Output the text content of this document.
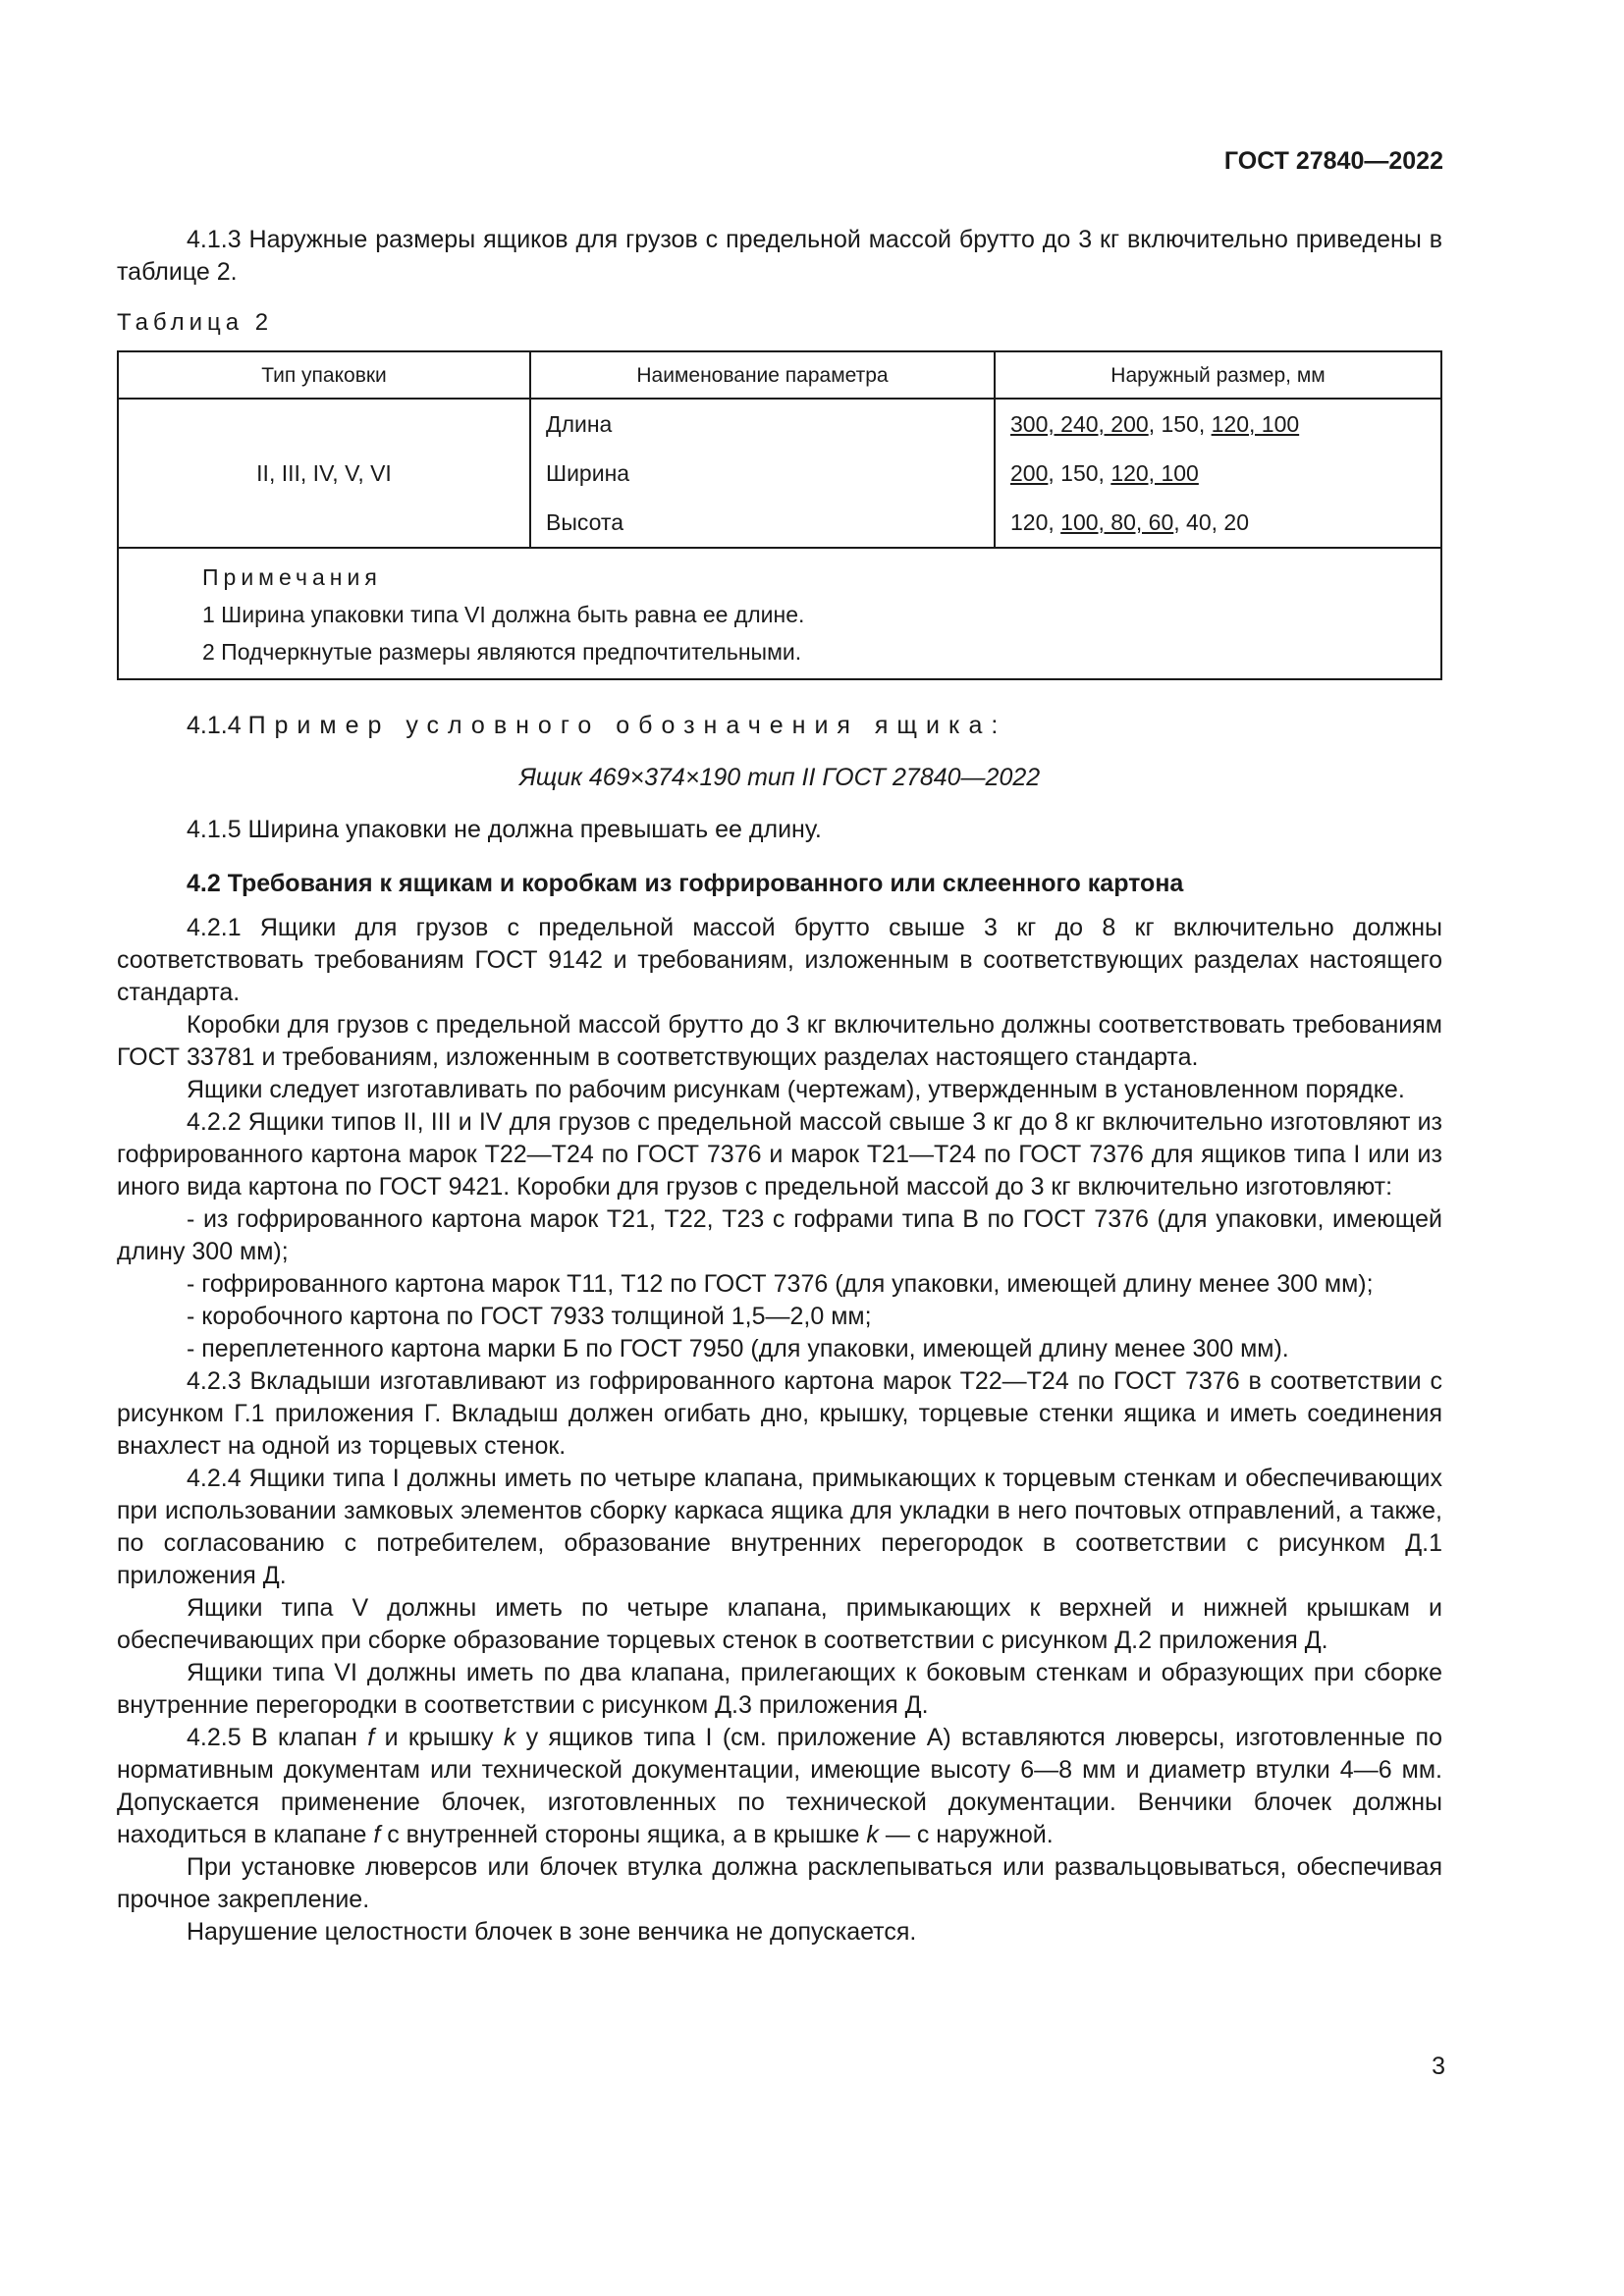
ГОСТ 27840—2022

4.1.3 Наружные размеры ящиков для грузов с предельной массой брутто до 3 кг включительно приведены в таблице 2.

Таблица 2
Тип упаковки	Наименование параметра	Наружный размер, мм
II, III, IV, V, VI	Длина	300, 240, 200, 150, 120, 100
	Ширина	200, 150, 120, 100
	Высота	120, 100, 80, 60, 40, 20

Примечания
1 Ширина упаковки типа VI должна быть равна ее длине.
2 Подчеркнутые размеры являются предпочтительными.		

4.1.4 Пример условного обозначения ящика:

Ящик 469×374×190 тип II ГОСТ 27840—2022

4.1.5 Ширина упаковки не должна превышать ее длину.

4.2 Требования к ящикам и коробкам из гофрированного или склеенного картона

4.2.1 Ящики для грузов с предельной массой брутто свыше 3 кг до 8 кг включительно должны соответствовать требованиям ГОСТ 9142 и требованиям, изложенным в соответствующих разделах настоящего стандарта.

Коробки для грузов с предельной массой брутто до 3 кг включительно должны соответствовать требованиям ГОСТ 33781 и требованиям, изложенным в соответствующих разделах настоящего стандарта.

Ящики следует изготавливать по рабочим рисункам (чертежам), утвержденным в установленном порядке.

4.2.2 Ящики типов II, III и IV для грузов с предельной массой свыше 3 кг до 8 кг включительно изготовляют из гофрированного картона марок Т22—Т24 по ГОСТ 7376 и марок Т21—Т24 по ГОСТ 7376 для ящиков типа I или из иного вида картона по ГОСТ 9421. Коробки для грузов с предельной массой до 3 кг включительно изготовляют:

- из гофрированного картона марок Т21, Т22, Т23 с гофрами типа В по ГОСТ 7376 (для упаковки, имеющей длину 300 мм);

- гофрированного картона марок Т11, Т12 по ГОСТ 7376 (для упаковки, имеющей длину менее 300 мм);

- коробочного картона по ГОСТ 7933 толщиной 1,5—2,0 мм;

- переплетенного картона марки Б по ГОСТ 7950 (для упаковки, имеющей длину менее 300 мм).

4.2.3 Вкладыши изготавливают из гофрированного картона марок Т22—Т24 по ГОСТ 7376 в соответствии с рисунком Г.1 приложения Г. Вкладыш должен огибать дно, крышку, торцевые стенки ящика и иметь соединения внахлест на одной из торцевых стенок.

4.2.4 Ящики типа I должны иметь по четыре клапана, примыкающих к торцевым стенкам и обеспечивающих при использовании замковых элементов сборку каркаса ящика для укладки в него почтовых отправлений, а также, по согласованию с потребителем, образование внутренних перегородок в соответствии с рисунком Д.1 приложения Д.

Ящики типа V должны иметь по четыре клапана, примыкающих к верхней и нижней крышкам и обеспечивающих при сборке образование торцевых стенок в соответствии с рисунком Д.2 приложения Д.

Ящики типа VI должны иметь по два клапана, прилегающих к боковым стенкам и образующих при сборке внутренние перегородки в соответствии с рисунком Д.3 приложения Д.

4.2.5 В клапан f и крышку k у ящиков типа I (см. приложение А) вставляются люверсы, изготовленные по нормативным документам или технической документации, имеющие высоту 6—8 мм и диаметр втулки 4—6 мм. Допускается применение блочек, изготовленных по технической документации. Венчики блочек должны находиться в клапане f с внутренней стороны ящика, а в крышке k — с наружной.

При установке люверсов или блочек втулка должна расклепываться или развальцовываться, обеспечивая прочное закрепление.

Нарушение целостности блочек в зоне венчика не допускается.

3
